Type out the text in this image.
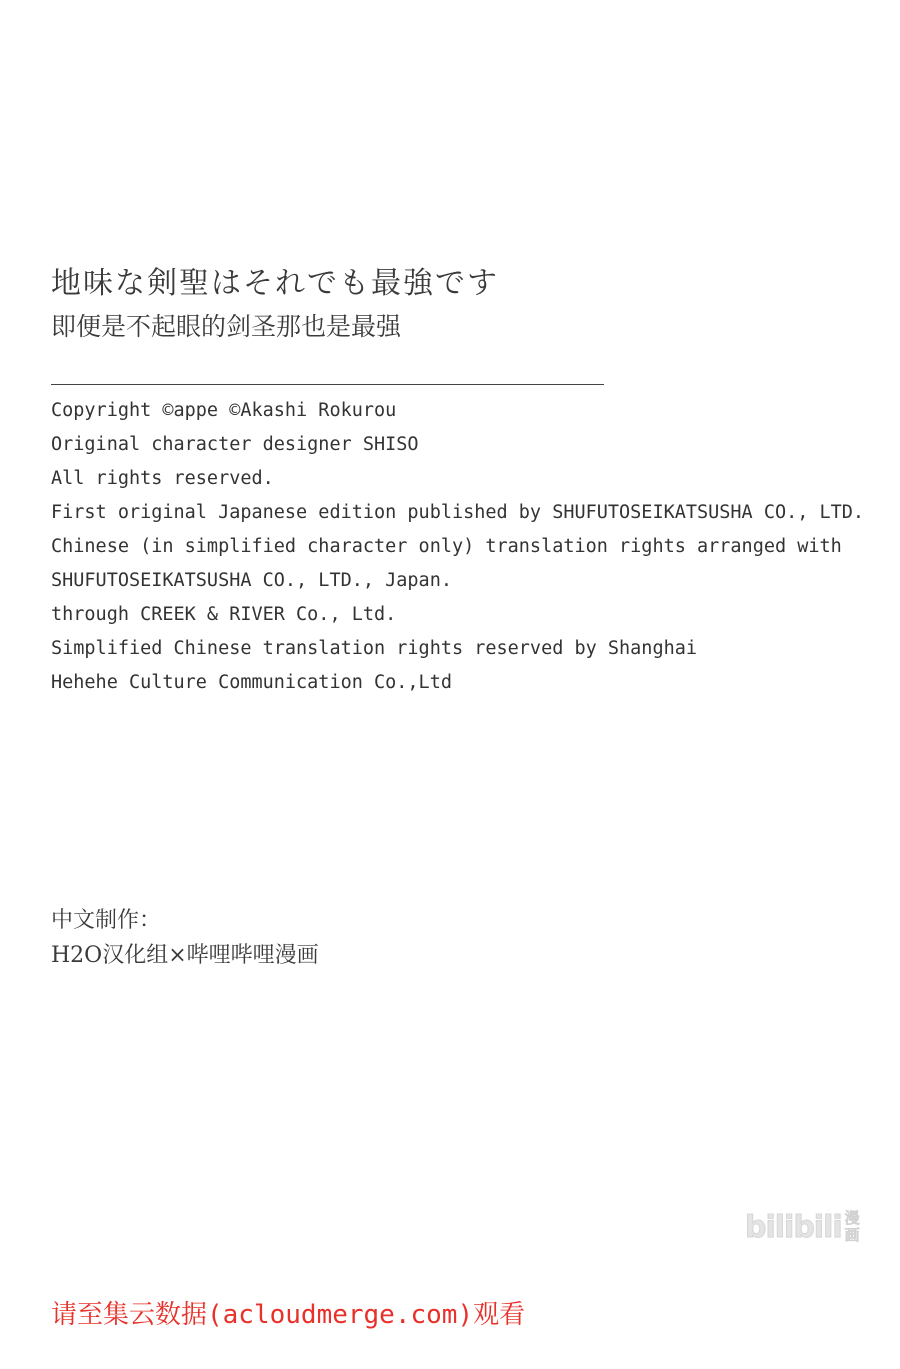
地味な剣聖はそれでも最強です
即便是不起眼的剑圣那也是最强
Copyright ©appe ©Akashi Rokurou
Original character designer SHISO
All rights reserved.
First original Japanese edition published by SHUFUTOSEIKATSUSHA CO., LTD.
Chinese (in simplified character only) translation rights arranged with
SHUFUTOSEIKATSUSHA CO., LTD., Japan.
through CREEK & RIVER Co., Ltd.
Simplified Chinese translation rights reserved by Shanghai
Hehehe Culture Communication Co.,Ltd
中文制作：
H2O汉化组×哔哩哔哩漫画
bilibili 漫
画
请至集云数据(acloudmerge.com)观看
